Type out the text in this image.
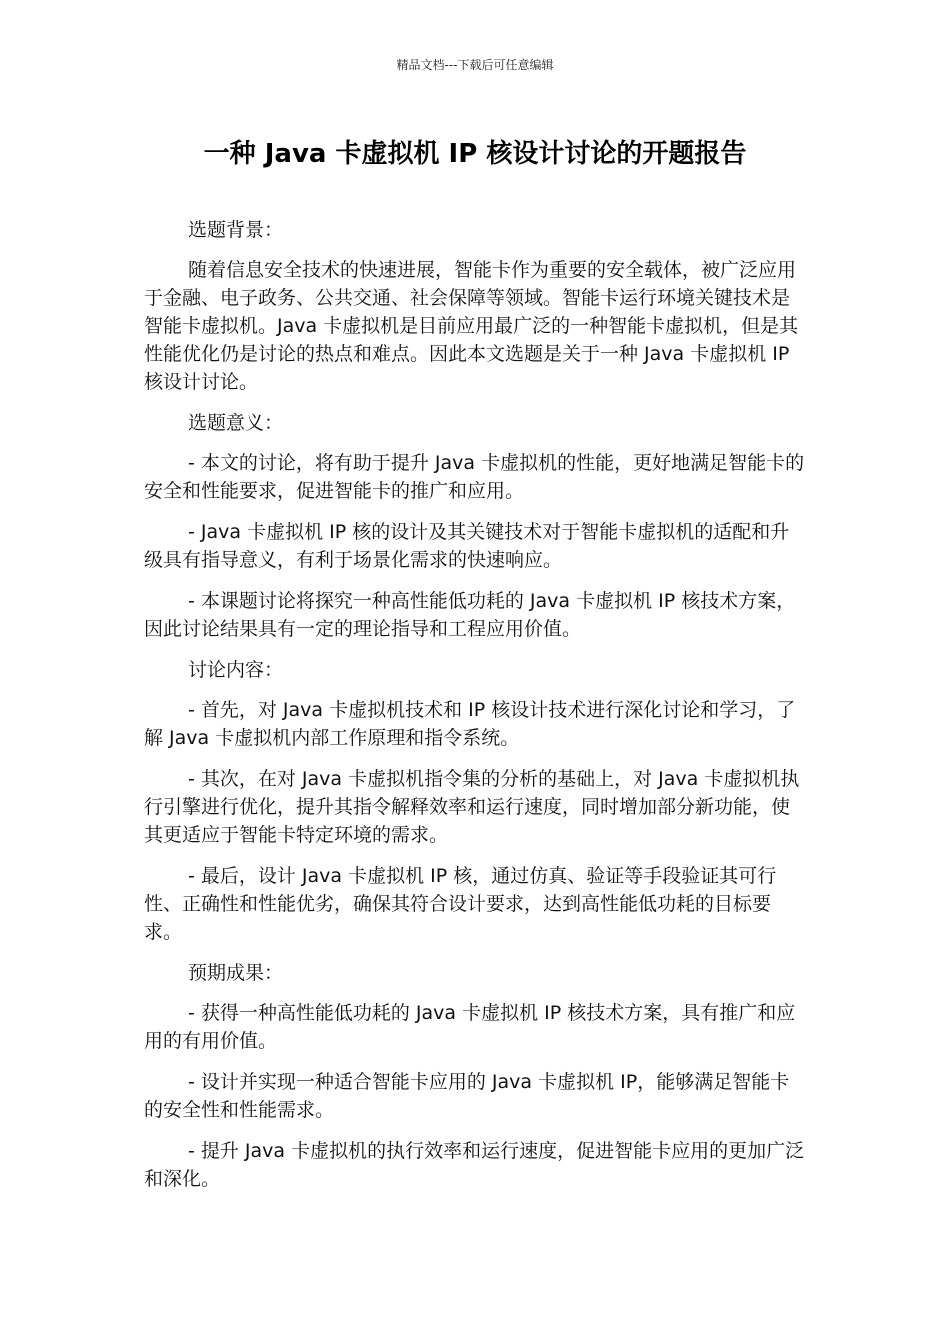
精品文档---下载后可任意编辑
一种 Java 卡虚拟机 IP 核设计讨论的开题报告

选题背景：

随着信息安全技术的快速进展，智能卡作为重要的安全载体，被广泛应用于金融、电子政务、公共交通、社会保障等领域。智能卡运行环境关键技术是智能卡虚拟机。Java 卡虚拟机是目前应用最广泛的一种智能卡虚拟机，但是其性能优化仍是讨论的热点和难点。因此本文选题是关于一种 Java 卡虚拟机 IP 核设计讨论。

选题意义：

- 本文的讨论，将有助于提升 Java 卡虚拟机的性能，更好地满足智能卡的安全和性能要求，促进智能卡的推广和应用。

- Java 卡虚拟机 IP 核的设计及其关键技术对于智能卡虚拟机的适配和升级具有指导意义，有利于场景化需求的快速响应。

- 本课题讨论将探究一种高性能低功耗的 Java 卡虚拟机 IP 核技术方案，因此讨论结果具有一定的理论指导和工程应用价值。

讨论内容：

- 首先，对 Java 卡虚拟机技术和 IP 核设计技术进行深化讨论和学习，了解 Java 卡虚拟机内部工作原理和指令系统。

- 其次，在对 Java 卡虚拟机指令集的分析的基础上，对 Java 卡虚拟机执行引擎进行优化，提升其指令解释效率和运行速度，同时增加部分新功能，使其更适应于智能卡特定环境的需求。

- 最后，设计 Java 卡虚拟机 IP 核，通过仿真、验证等手段验证其可行性、正确性和性能优劣，确保其符合设计要求，达到高性能低功耗的目标要求。

预期成果：

- 获得一种高性能低功耗的 Java 卡虚拟机 IP 核技术方案，具有推广和应用的有用价值。

- 设计并实现一种适合智能卡应用的 Java 卡虚拟机 IP，能够满足智能卡的安全性和性能需求。

- 提升 Java 卡虚拟机的执行效率和运行速度，促进智能卡应用的更加广泛和深化。
